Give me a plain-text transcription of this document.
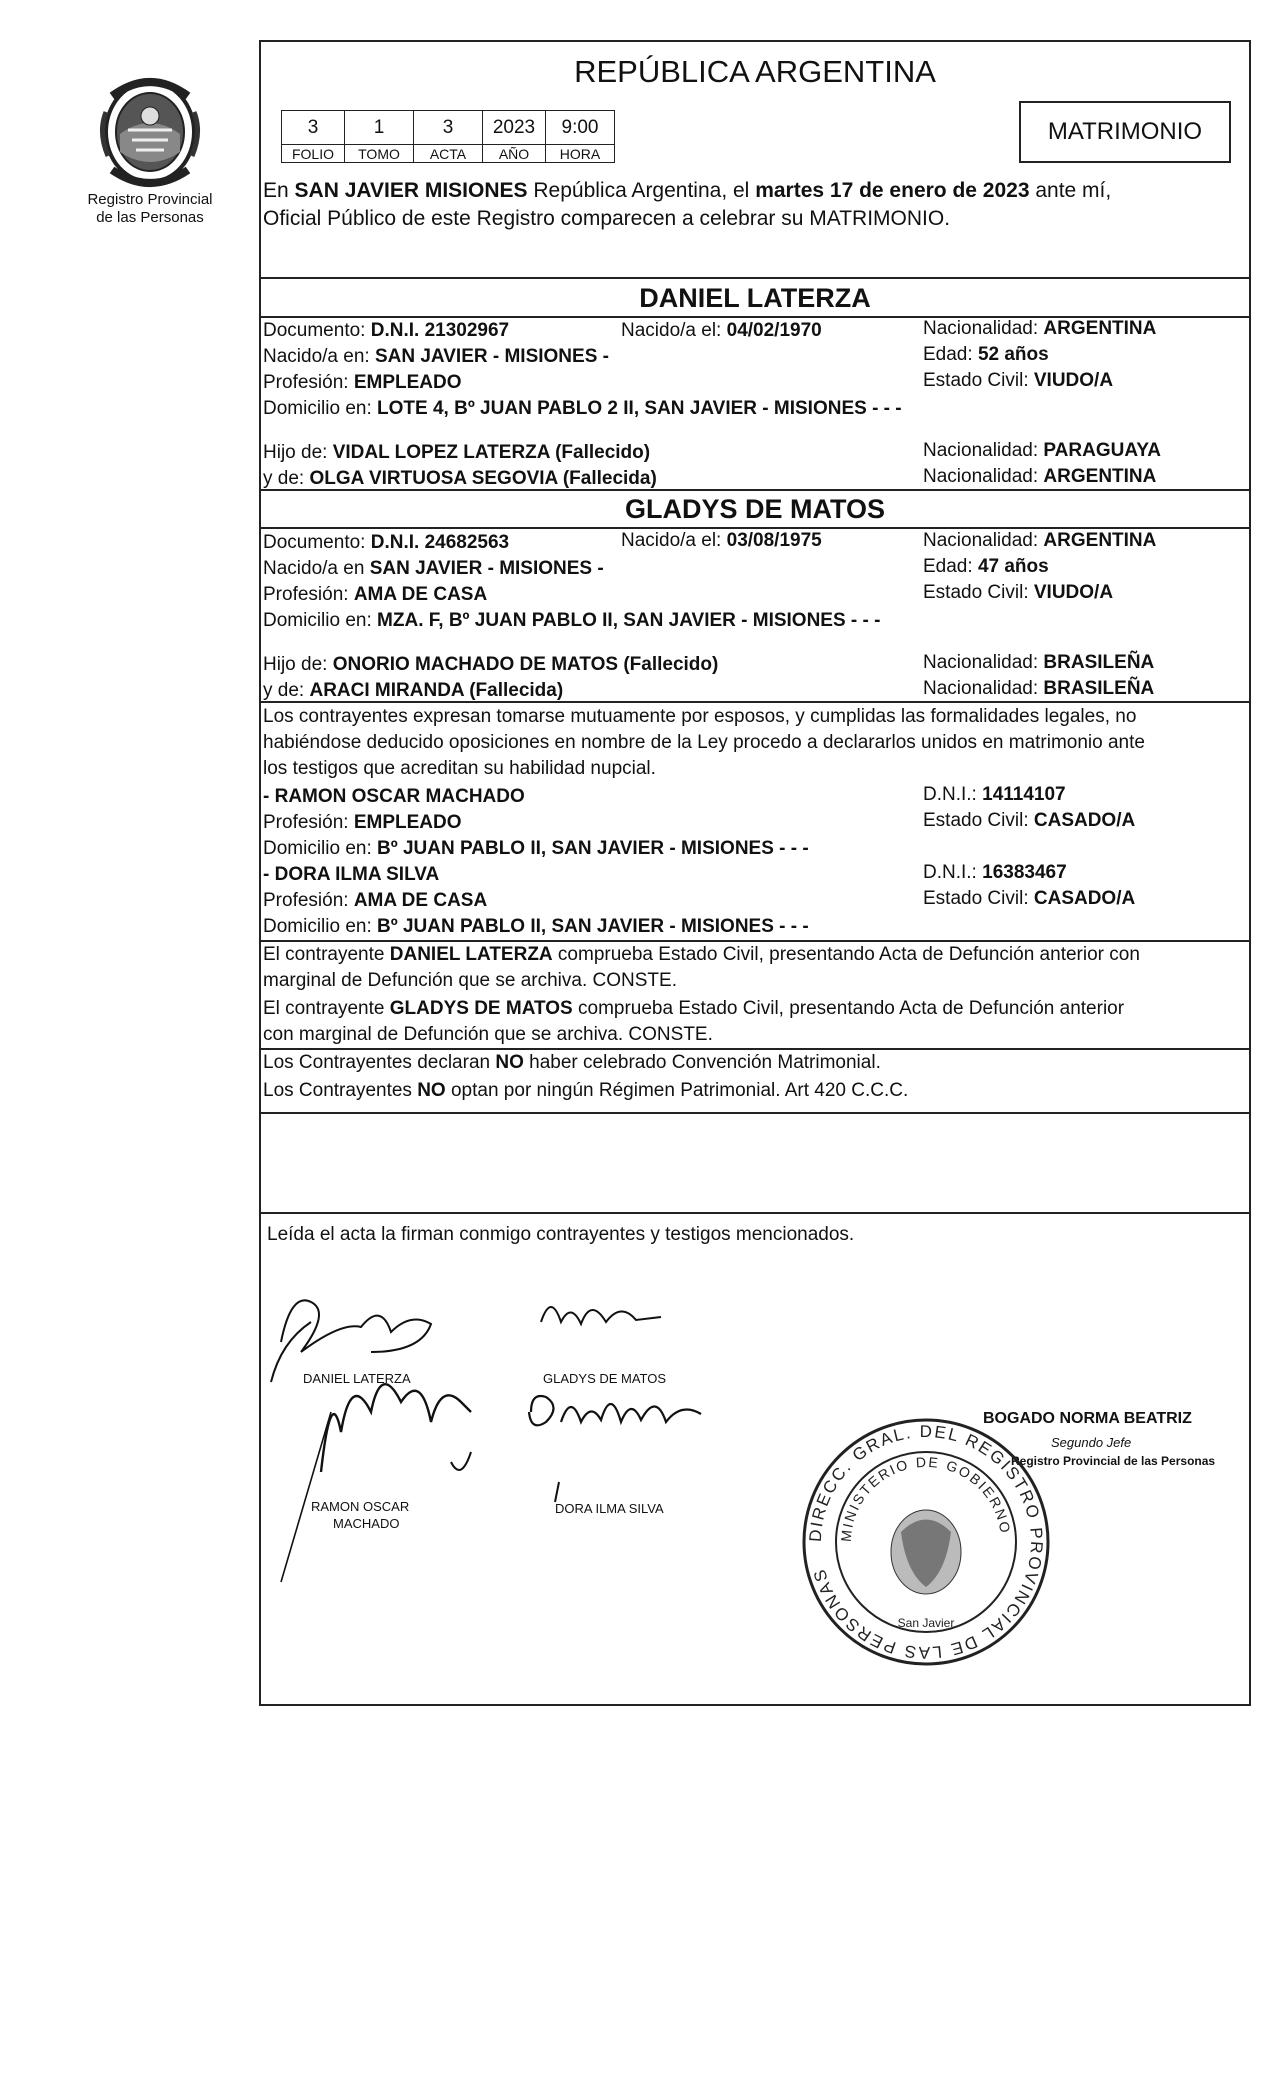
Registro Provincial
de las Personas
REPÚBLICA ARGENTINA
3	1	3	2023	9:00
FOLIO	TOMO	ACTA	AÑO	HORA
MATRIMONIO
En SAN JAVIER MISIONES República Argentina, el martes 17 de enero de 2023 ante mí,
Oficial Público de este Registro comparecen a celebrar su MATRIMONIO.
DANIEL LATERZA
Documento: D.N.I. 21302967	Nacido/a el: 04/02/1970	Nacionalidad: ARGENTINA
Nacido/a en: SAN JAVIER - MISIONES -	Edad: 52 años
Profesión: EMPLEADO	Estado Civil: VIUDO/A
Domicilio en: LOTE 4, Bº JUAN PABLO 2 II, SAN JAVIER - MISIONES - - -
Hijo de: VIDAL LOPEZ LATERZA (Fallecido)	Nacionalidad: PARAGUAYA
y de: OLGA VIRTUOSA SEGOVIA (Fallecida)	Nacionalidad: ARGENTINA
GLADYS DE MATOS
Documento: D.N.I. 24682563	Nacido/a el: 03/08/1975	Nacionalidad: ARGENTINA
Nacido/a en SAN JAVIER - MISIONES -	Edad: 47 años
Profesión: AMA DE CASA	Estado Civil: VIUDO/A
Domicilio en: MZA. F, Bº JUAN PABLO II, SAN JAVIER - MISIONES - - -
Hijo de: ONORIO MACHADO DE MATOS (Fallecido)	Nacionalidad: BRASILEÑA
y de: ARACI MIRANDA (Fallecida)	Nacionalidad: BRASILEÑA
Los contrayentes expresan tomarse mutuamente por esposos, y cumplidas las formalidades legales, no
habiéndose deducido oposiciones en nombre de la Ley procedo a declararlos unidos en matrimonio ante
los testigos que acreditan su habilidad nupcial.
- RAMON OSCAR MACHADO	D.N.I.: 14114107
Profesión: EMPLEADO	Estado Civil: CASADO/A
Domicilio en: Bº JUAN PABLO II, SAN JAVIER - MISIONES - - -
- DORA ILMA SILVA	D.N.I.: 16383467
Profesión: AMA DE CASA	Estado Civil: CASADO/A
Domicilio en: Bº JUAN PABLO II, SAN JAVIER - MISIONES - - -
El contrayente DANIEL LATERZA comprueba Estado Civil, presentando Acta de Defunción anterior con
marginal de Defunción que se archiva. CONSTE.
El contrayente GLADYS DE MATOS comprueba Estado Civil, presentando Acta de Defunción anterior
con marginal de Defunción que se archiva. CONSTE.
Los Contrayentes declaran NO haber celebrado Convención Matrimonial.
Los Contrayentes NO optan por ningún Régimen Patrimonial. Art 420 C.C.C.
Leída el acta la firman conmigo contrayentes y testigos mencionados.
DANIEL LATERZA	GLADYS DE MATOS
RAMON OSCAR
MACHADO
DORA ILMA SILVA
BOGADO NORMA BEATRIZ
Segundo Jefe
Registro Provincial de las Personas
DIRECC. GRAL. DEL REGISTRO PROVINCIAL DE LAS PERSONAS
MINISTERIO DE GOBIERNO
San Javier
